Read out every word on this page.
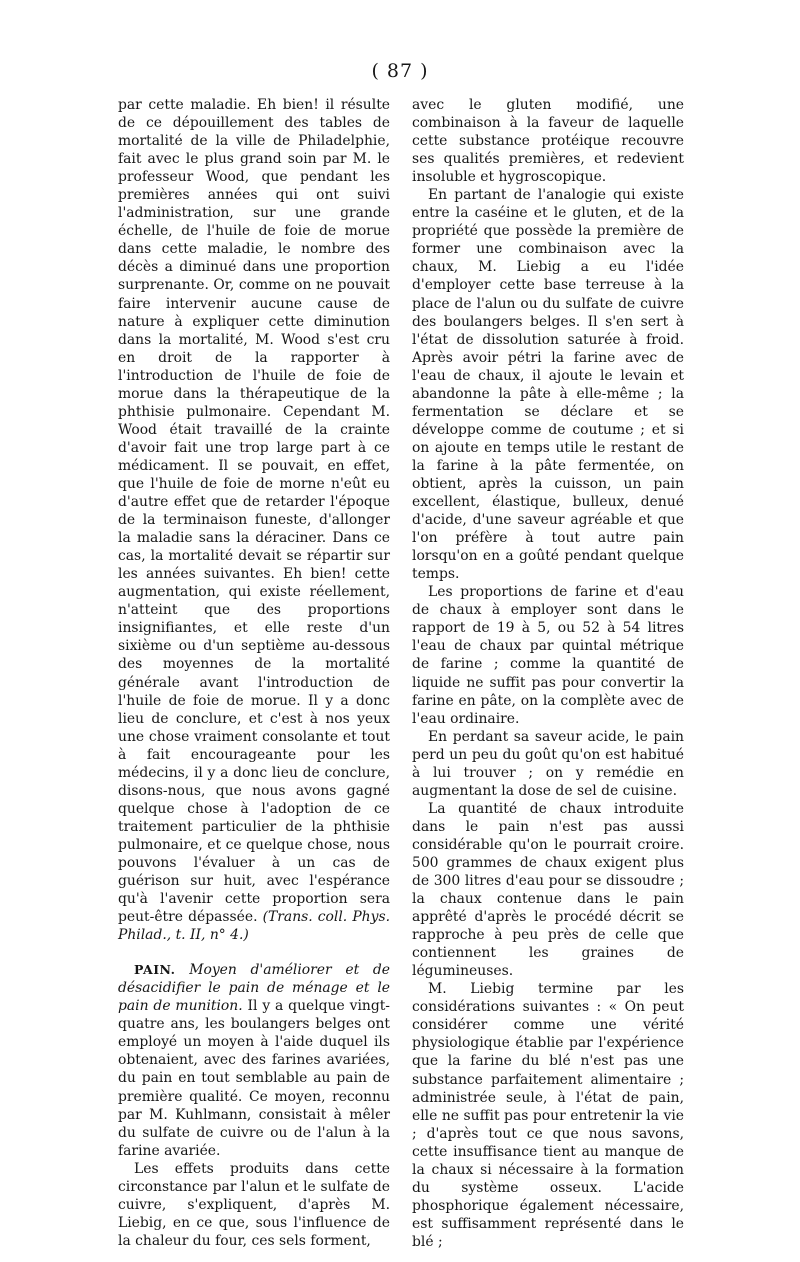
( 87 )

par cette maladie. Eh bien! il résulte de ce dépouillement des tables de mortalité de la ville de Philadelphie, fait avec le plus grand soin par M. le professeur Wood, que pendant les premières années qui ont suivi l'administration, sur une grande échelle, de l'huile de foie de morue dans cette maladie, le nombre des décès a diminué dans une proportion surprenante. Or, comme on ne pouvait faire intervenir aucune cause de nature à expliquer cette diminution dans la mortalité, M. Wood s'est cru en droit de la rapporter à l'introduction de l'huile de foie de morue dans la thérapeutique de la phthisie pulmonaire. Cependant M. Wood était travaillé de la crainte d'avoir fait une trop large part à ce médicament. Il se pouvait, en effet, que l'huile de foie de morne n'eût eu d'autre effet que de retarder l'époque de la terminaison funeste, d'allonger la maladie sans la déraciner. Dans ce cas, la mortalité devait se répartir sur les années suivantes. Eh bien! cette augmentation, qui existe réellement, n'atteint que des proportions insignifiantes, et elle reste d'un sixième ou d'un septième au-dessous des moyennes de la mortalité générale avant l'introduction de l'huile de foie de morue. Il y a donc lieu de conclure, et c'est à nos yeux une chose vraiment consolante et tout à fait encourageante pour les médecins, il y a donc lieu de conclure, disons-nous, que nous avons gagné quelque chose à l'adoption de ce traitement particulier de la phthisie pulmonaire, et ce quelque chose, nous pouvons l'évaluer à un cas de guérison sur huit, avec l'espérance qu'à l'avenir cette proportion sera peut-être dépassée. (Trans. coll. Phys. Philad., t. II, n° 4.)

PAIN. Moyen d'améliorer et de désacidifier le pain de ménage et le pain de munition. Il y a quelque vingt-quatre ans, les boulangers belges ont employé un moyen à l'aide duquel ils obtenaient, avec des farines avariées, du pain en tout semblable au pain de première qualité. Ce moyen, reconnu par M. Kuhlmann, consistait à mêler du sulfate de cuivre ou de l'alun à la farine avariée.

Les effets produits dans cette circonstance par l'alun et le sulfate de cuivre, s'expliquent, d'après M. Liebig, en ce que, sous l'influence de la chaleur du four, ces sels forment,

avec le gluten modifié, une combinaison à la faveur de laquelle cette substance protéique recouvre ses qualités premières, et redevient insoluble et hygroscopique.

En partant de l'analogie qui existe entre la caséine et le gluten, et de la propriété que possède la première de former une combinaison avec la chaux, M. Liebig a eu l'idée d'employer cette base terreuse à la place de l'alun ou du sulfate de cuivre des boulangers belges. Il s'en sert à l'état de dissolution saturée à froid. Après avoir pétri la farine avec de l'eau de chaux, il ajoute le levain et abandonne la pâte à elle-même ; la fermentation se déclare et se développe comme de coutume ; et si on ajoute en temps utile le restant de la farine à la pâte fermentée, on obtient, après la cuisson, un pain excellent, élastique, bulleux, denué d'acide, d'une saveur agréable et que l'on préfère à tout autre pain lorsqu'on en a goûté pendant quelque temps.

Les proportions de farine et d'eau de chaux à employer sont dans le rapport de 19 à 5, ou 52 à 54 litres l'eau de chaux par quintal métrique de farine ; comme la quantité de liquide ne suffit pas pour convertir la farine en pâte, on la complète avec de l'eau ordinaire.

En perdant sa saveur acide, le pain perd un peu du goût qu'on est habitué à lui trouver ; on y remédie en augmentant la dose de sel de cuisine.

La quantité de chaux introduite dans le pain n'est pas aussi considérable qu'on le pourrait croire. 500 grammes de chaux exigent plus de 300 litres d'eau pour se dissoudre ; la chaux contenue dans le pain apprêté d'après le procédé décrit se rapproche à peu près de celle que contiennent les graines de légumineuses.

M. Liebig termine par les considérations suivantes : « On peut considérer comme une vérité physiologique établie par l'expérience que la farine du blé n'est pas une substance parfaitement alimentaire ; administrée seule, à l'état de pain, elle ne suffit pas pour entretenir la vie ; d'après tout ce que nous savons, cette insuffisance tient au manque de la chaux si nécessaire à la formation du système osseux. L'acide phosphorique également nécessaire, est suffisamment représenté dans le blé ;
